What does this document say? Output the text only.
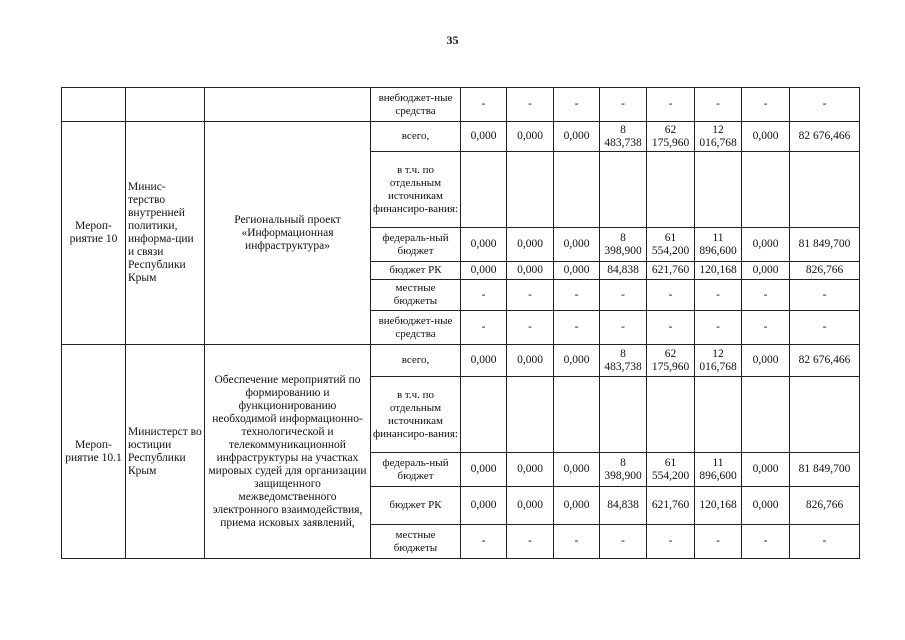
35
			внебюджет-ные средства	-	-	-	-	-	-	-	-
Мероп-риятие 10	Минис-терство внутренней политики, информа-ции и связи Республики Крым	Региональный проект «Информационная инфраструктура»	всего,	0,000	0,000	0,000	8 483,738	62 175,960	12 016,768	0,000	82 676,466
			в т.ч. по отдельным источникам финансиро-вания:								
			федераль-ный бюджет	0,000	0,000	0,000	8 398,900	61 554,200	11 896,600	0,000	81 849,700
			бюджет РК	0,000	0,000	0,000	84,838	621,760	120,168	0,000	826,766
			местные бюджеты	-	-	-	-	-	-	-	-
			внебюджет-ные средства	-	-	-	-	-	-	-	-
Мероп-риятие 10.1	Министерст во юстиции Республики Крым	Обеспечение мероприятий по формированию и функционированию необходимой информационно-технологической и телекоммуникационной инфраструктуры на участках мировых судей для организации защищенного межведомственного электронного взаимодействия, приема исковых заявлений,	всего,	0,000	0,000	0,000	8 483,738	62 175,960	12 016,768	0,000	82 676,466
			в т.ч. по отдельным источникам финансиро-вания:								
			федераль-ный бюджет	0,000	0,000	0,000	8 398,900	61 554,200	11 896,600	0,000	81 849,700
			бюджет РК	0,000	0,000	0,000	84,838	621,760	120,168	0,000	826,766
			местные бюджеты	-	-	-	-	-	-	-	-
